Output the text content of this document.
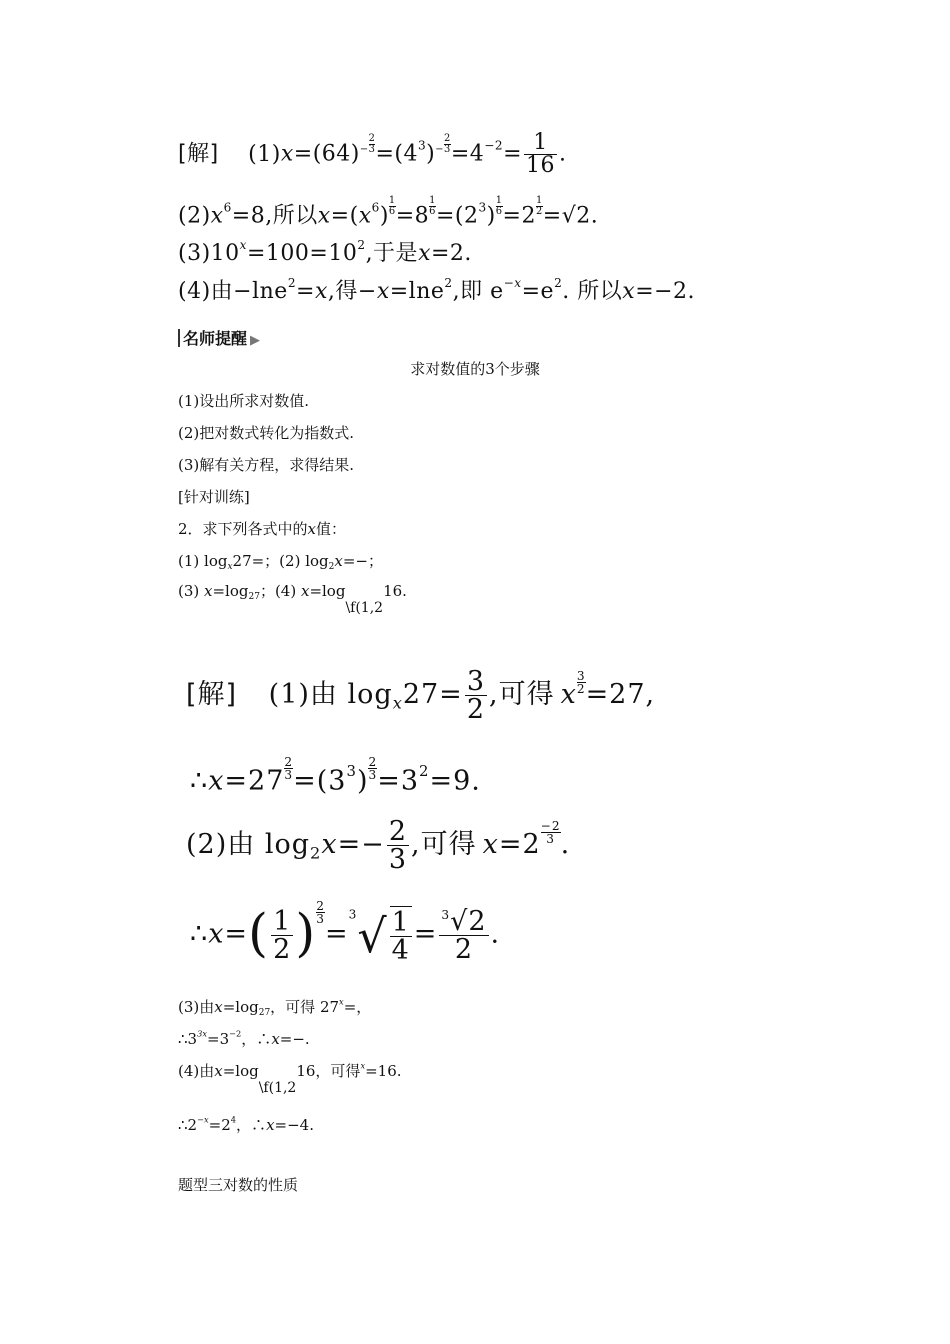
[解] $(1)x=(64)- \frac{2}{3} =(4^3)- \frac{2}{3} =4^{-2}= \frac{1}{16}$ .
$(2)x^6=8$,所以$x=(x^6) \frac{1}{6} =8 \frac{1}{6} =(2^3) \frac{1}{6} =2 \frac{1}{2} =√2$.
$(3)10^x=100=10^2$,于是x=2.
(4)由−lne$^2$=x,得−x=lne$^2$,即 $e^{-x}=e^2$. 所以x=−2.
名师提醒 ▶
求对数值的3个步骤
(1)设出所求对数值.
(2)把对数式转化为指数式.
(3)解有关方程，求得结果.
[针对训练]
2．求下列各式中的x值：
(1) $\log_x27=$；(2) $\log_2x=-$；
(3) $x=\log_{27}$；(4) x=log\f(1,216.
[解] (1)由 $\log_x27= \frac{3}{2}$ ,可得 x $\frac{3}{2} =27$,
∴x=27 $\frac{2}{3} =(3^3) \frac{2}{3} =3^2=9$.
(2)由 $\log_2x=- \frac{2}{3}$ ,可得 $x=2 \frac{-2}{3}$ .
∴x=( $\frac{1}{2}$ ) $\frac{2}{3}$
$=^3√ \frac{1}{4} = \frac{^3√2}{2}$ .
(3)由$x=\log_{27}$，可得 $27^x=$，
$\therefore 3^{3x}=3^{-2}$，∴x=−.
(4)由x=log\f(1,216，可得$^x$=16.
$\therefore 2^{-x}=2^4$，∴x=−4.
题型三对数的性质
